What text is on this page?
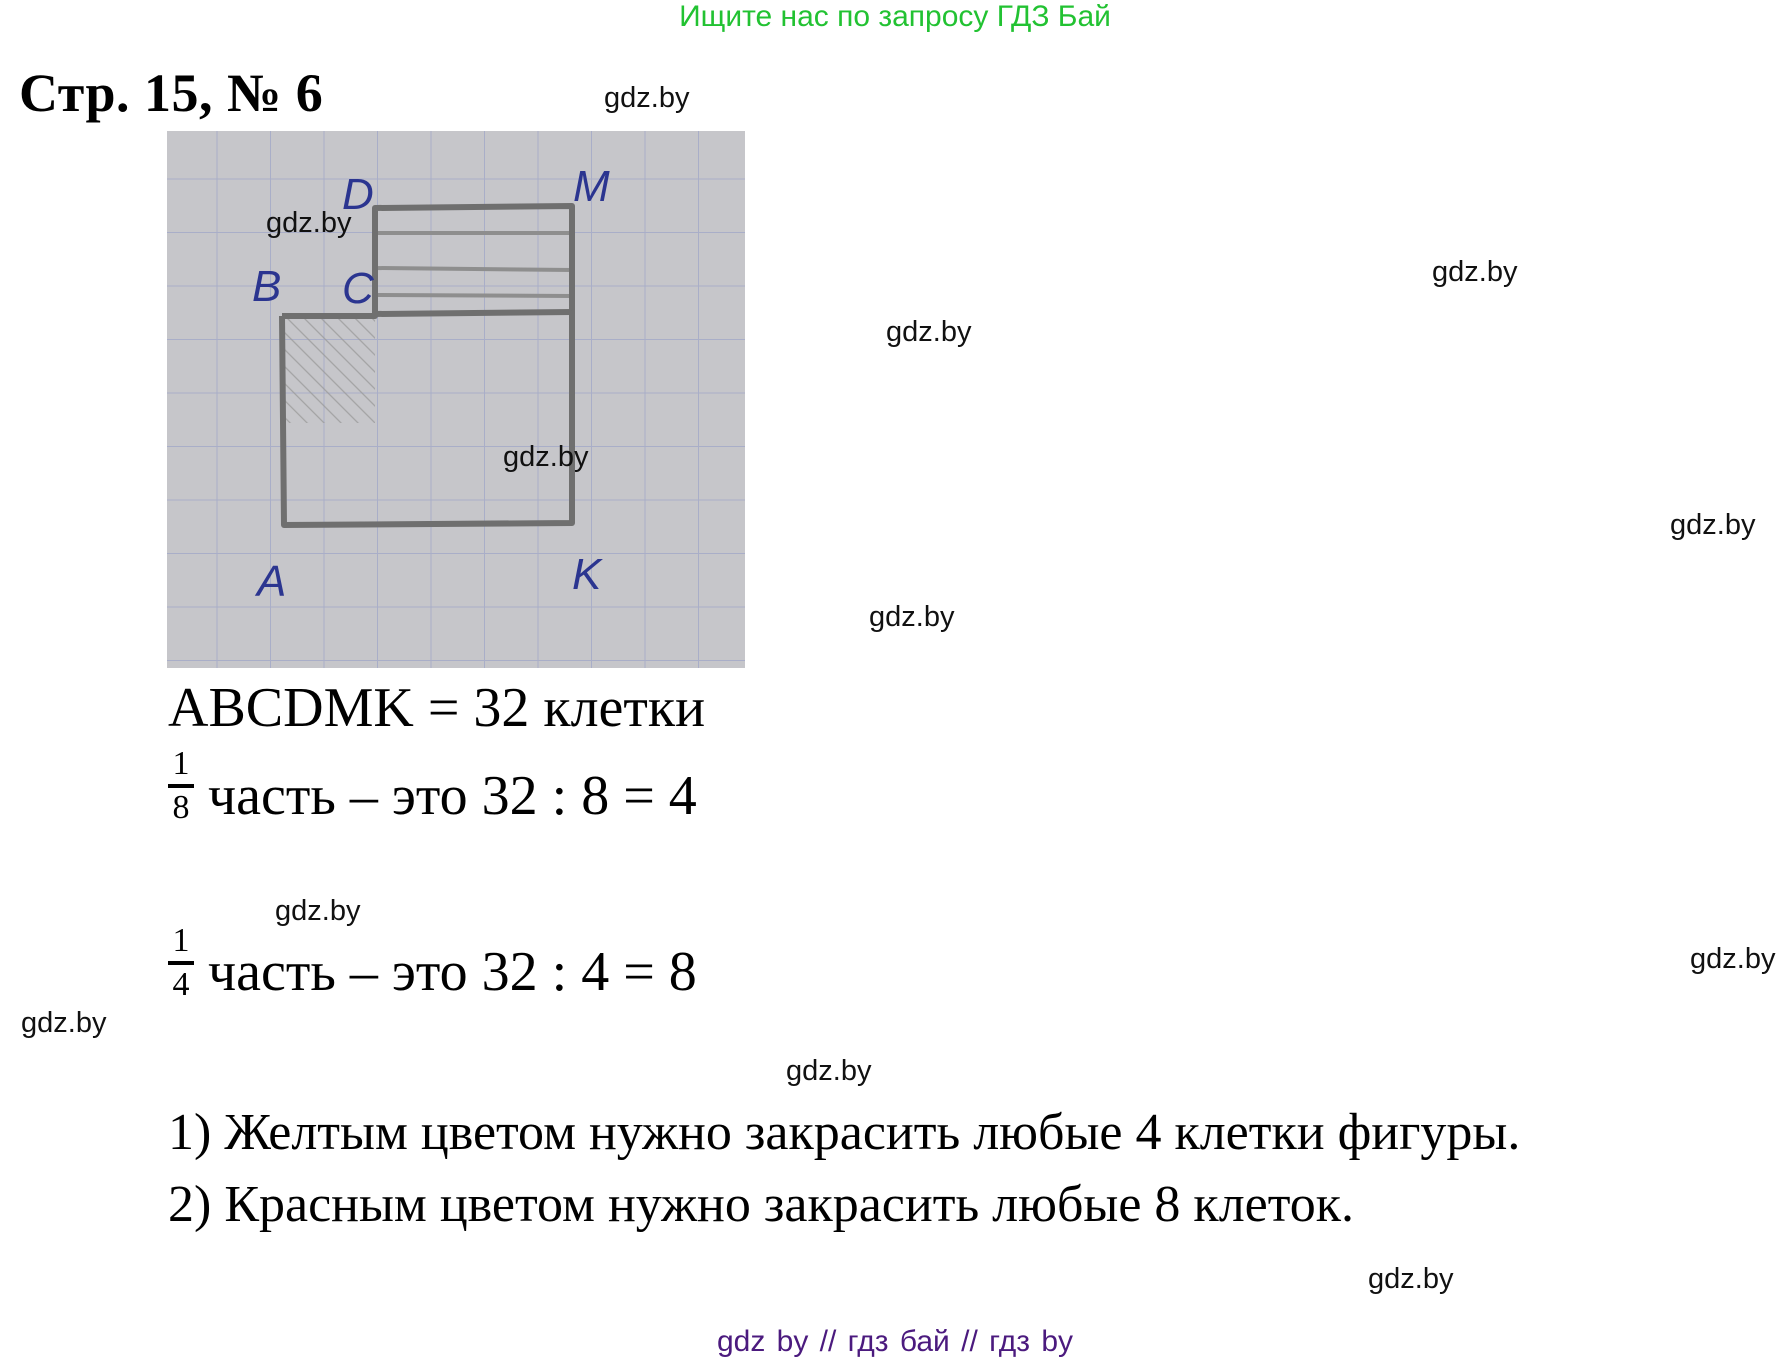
Ищите нас по запросу ГДЗ Бай
Стр. 15, № 6
D	M
B C
A	K
ABCDMK = 32 клетки
1
8 часть – это 32 : 8 = 4
1
4 часть – это 32 : 4 = 8
1) Желтым цветом нужно закрасить любые 4 клетки фигуры.
2) Красным цветом нужно закрасить любые 8 клеток.
gdz.by
gdz.by
gdz.by
gdz.by
gdz.by
gdz.by
gdz.by
gdz.by
gdz.by
gdz.by
gdz.by
gdz.by
gdz by // гдз бай // гдз by
